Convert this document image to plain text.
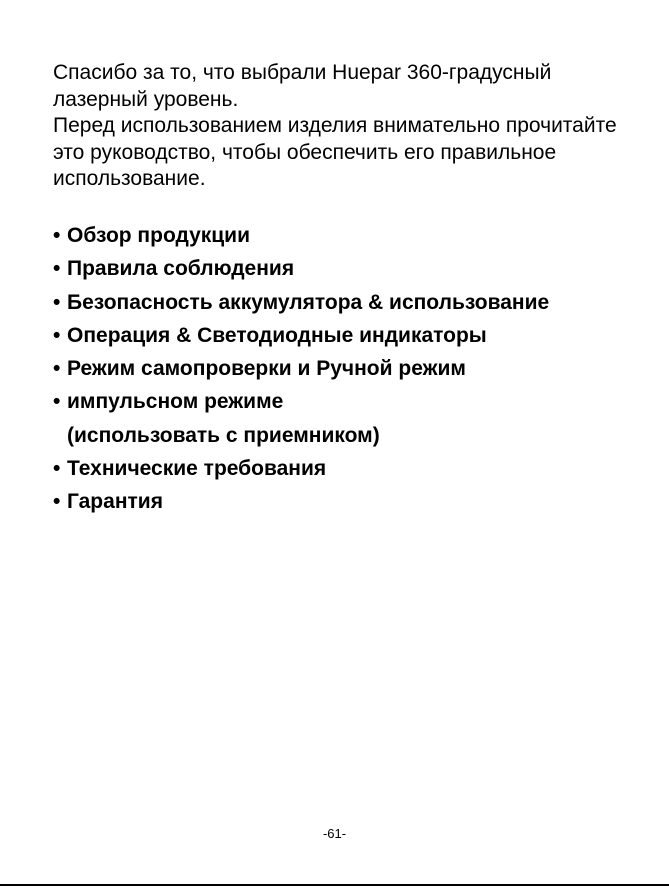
Спасибо за то, что выбрали Huepar 360-градусный лазерный уровень.

Перед использованием изделия внимательно прочитайте это руководство, чтобы обеспечить его правильное использование.

• Обзор продукции
• Правила соблюдения
• Безопасность аккумулятора & использование
• Операция & Светодиодные индикаторы
• Режим самопроверки и Ручной режим
• импульсном режиме
(использовать с приемником)
• Технические требования
• Гарантия
-61-
